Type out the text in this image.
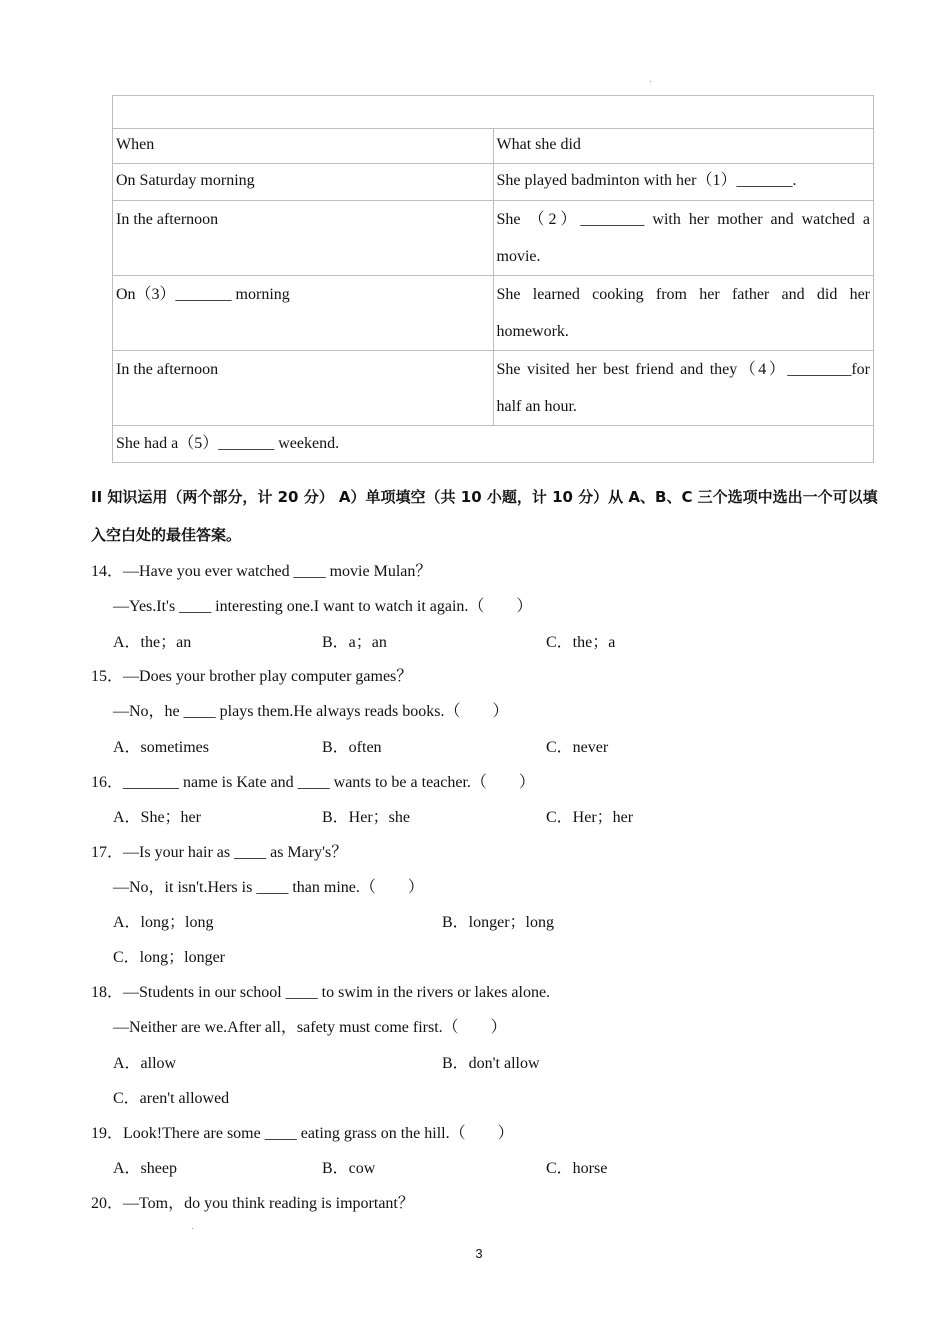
When	What she did
On Saturday morning	She played badminton with her（1）_______.
In the afternoon	She （2）________ with her mother and watched a movie.
On（3）_______ morning	She learned cooking from her father and did her homework.
In the afternoon	She visited her best friend and they（4）________for half an hour.
She had a（5）_______ weekend.	
II 知识运用（两个部分，计 20 分） A）单项填空（共 10 小题，计 10 分）从 A、B、C 三个选项中选出一个可以填入空白处的最佳答案。
14．—Have you ever watched ____ movie Mulan？
—Yes.It's ____ interesting one.I want to watch it again.（　　）
A．the；an	B．a；an	C．the；a
15．—Does your brother play computer games？
—No，he ____ plays them.He always reads books.（　　）
A．sometimes	B．often	C．never
16．_______ name is Kate and ____ wants to be a teacher.（　　）
A．She；her	B．Her；she	C．Her；her
17．—Is your hair as ____ as Mary's？
—No，it isn't.Hers is ____ than mine.（　　）
A．long；long	B．longer；long
C．long；longer
18．—Students in our school ____ to swim in the rivers or lakes alone.
—Neither are we.After all，safety must come first.（　　）
A．allow	B．don't allow
C．aren't allowed
19．Look!There are some ____ eating grass on the hill.（　　）
A．sheep	B．cow	C．horse
20．—Tom，do you think reading is important？
3
